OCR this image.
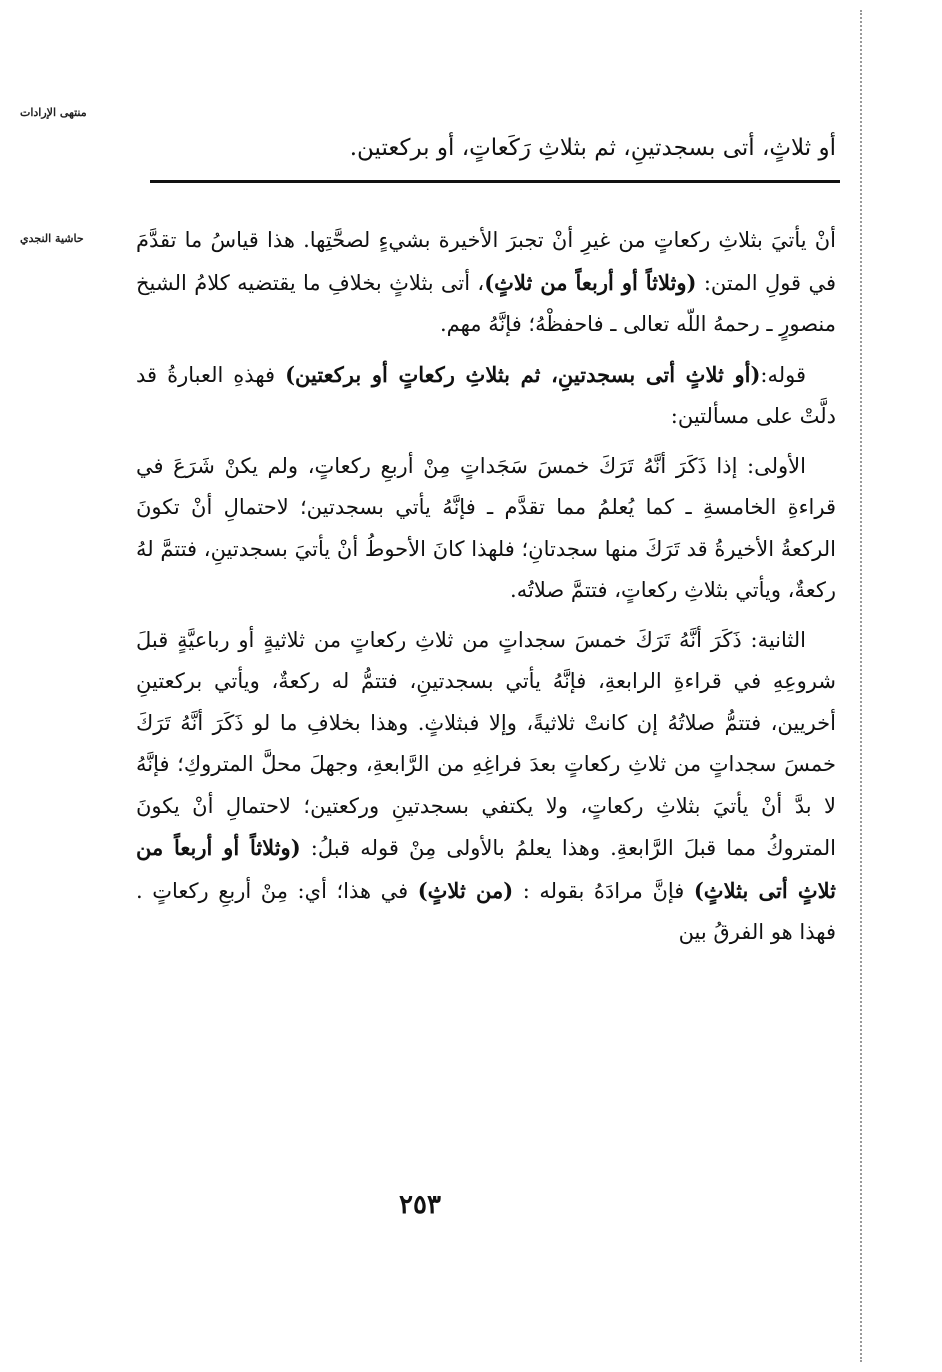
منتهى الإرادات
حاشية النجدي
أو ثلاثٍ، أتى بسجدتينِ، ثم بثلاثِ رَكَعاتٍ، أو بركعتين.

أنْ يأتيَ بثلاثِ ركعاتٍ من غيرِ أنْ تجبرَ الأخيرة بشيءٍ لصحَّتِها. هذا قياسُ ما تقدَّمَ في قولِ المتن: (وثلاثاً أو أربعاً من ثلاثٍ)، أتى بثلاثٍ بخلافِ ما يقتضيه كلامُ الشيخ منصورٍ ـ رحمهُ اللّه تعالى ـ فاحفظْهُ؛ فإنَّهُ مهم.

قوله:(أو ثلاثٍ أتى بسجدتينِ، ثم بثلاثِ ركعاتٍ أو بركعتين) فهذهِ العبارةُ قد دلَّتْ على مسألتين:

الأولى: إذا ذَكَرَ أنَّهُ تَرَكَ خمسَ سَجَداتٍ مِنْ أربعِ ركعاتٍ، ولم يكنْ شَرَعَ في قراءةِ الخامسةِ ـ كما يُعلمُ مما تقدَّم ـ فإنَّهُ يأتي بسجدتين؛ لاحتمالِ أنْ تكونَ الركعةُ الأخيرةُ قد تَرَكَ منها سجدتانِ؛ فلهذا كانَ الأحوطُ أنْ يأتيَ بسجدتينِ، فتتمَّ لهُ ركعةٌ، ويأتي بثلاثِ ركعاتٍ، فتتمَّ صلاتُه.

الثانية: ذَكَرَ أنَّهُ تَرَكَ خمسَ سجداتٍ من ثلاثِ ركعاتٍ من ثلاثيةٍ أو رباعيَّةٍ قبلَ شروعِهِ في قراءةِ الرابعةِ، فإنَّهُ يأتي بسجدتينِ، فتتمُّ له ركعةٌ، ويأتي بركعتينِ أخريين، فتتمُّ صلاتُهُ إن كانتْ ثلاثيةً، وإلا فبثلاثٍ. وهذا بخلافِ ما لو ذَكَرَ أنَّهُ تَرَكَ خمسَ سجداتٍ من ثلاثِ ركعاتٍ بعدَ فراغِهِ من الرَّابعةِ، وجهلَ محلَّ المتروكِ؛ فإنَّهُ لا بدَّ أنْ يأتيَ بثلاثِ ركعاتٍ، ولا يكتفي بسجدتينِ وركعتين؛ لاحتمالِ أنْ يكونَ المتروكُ مما قبلَ الرَّابعةِ. وهذا يعلمُ بالأولى مِنْ قوله قبلُ: (وثلاثاً أو أربعاً من ثلاثٍ أتى بثلاثٍ) فإنَّ مرادَهُ بقوله : (من ثلاثٍ) في هذا؛ أي: مِنْ أربعِ ركعاتٍ . فهذا هو الفرقُ بين

٢٥٣
